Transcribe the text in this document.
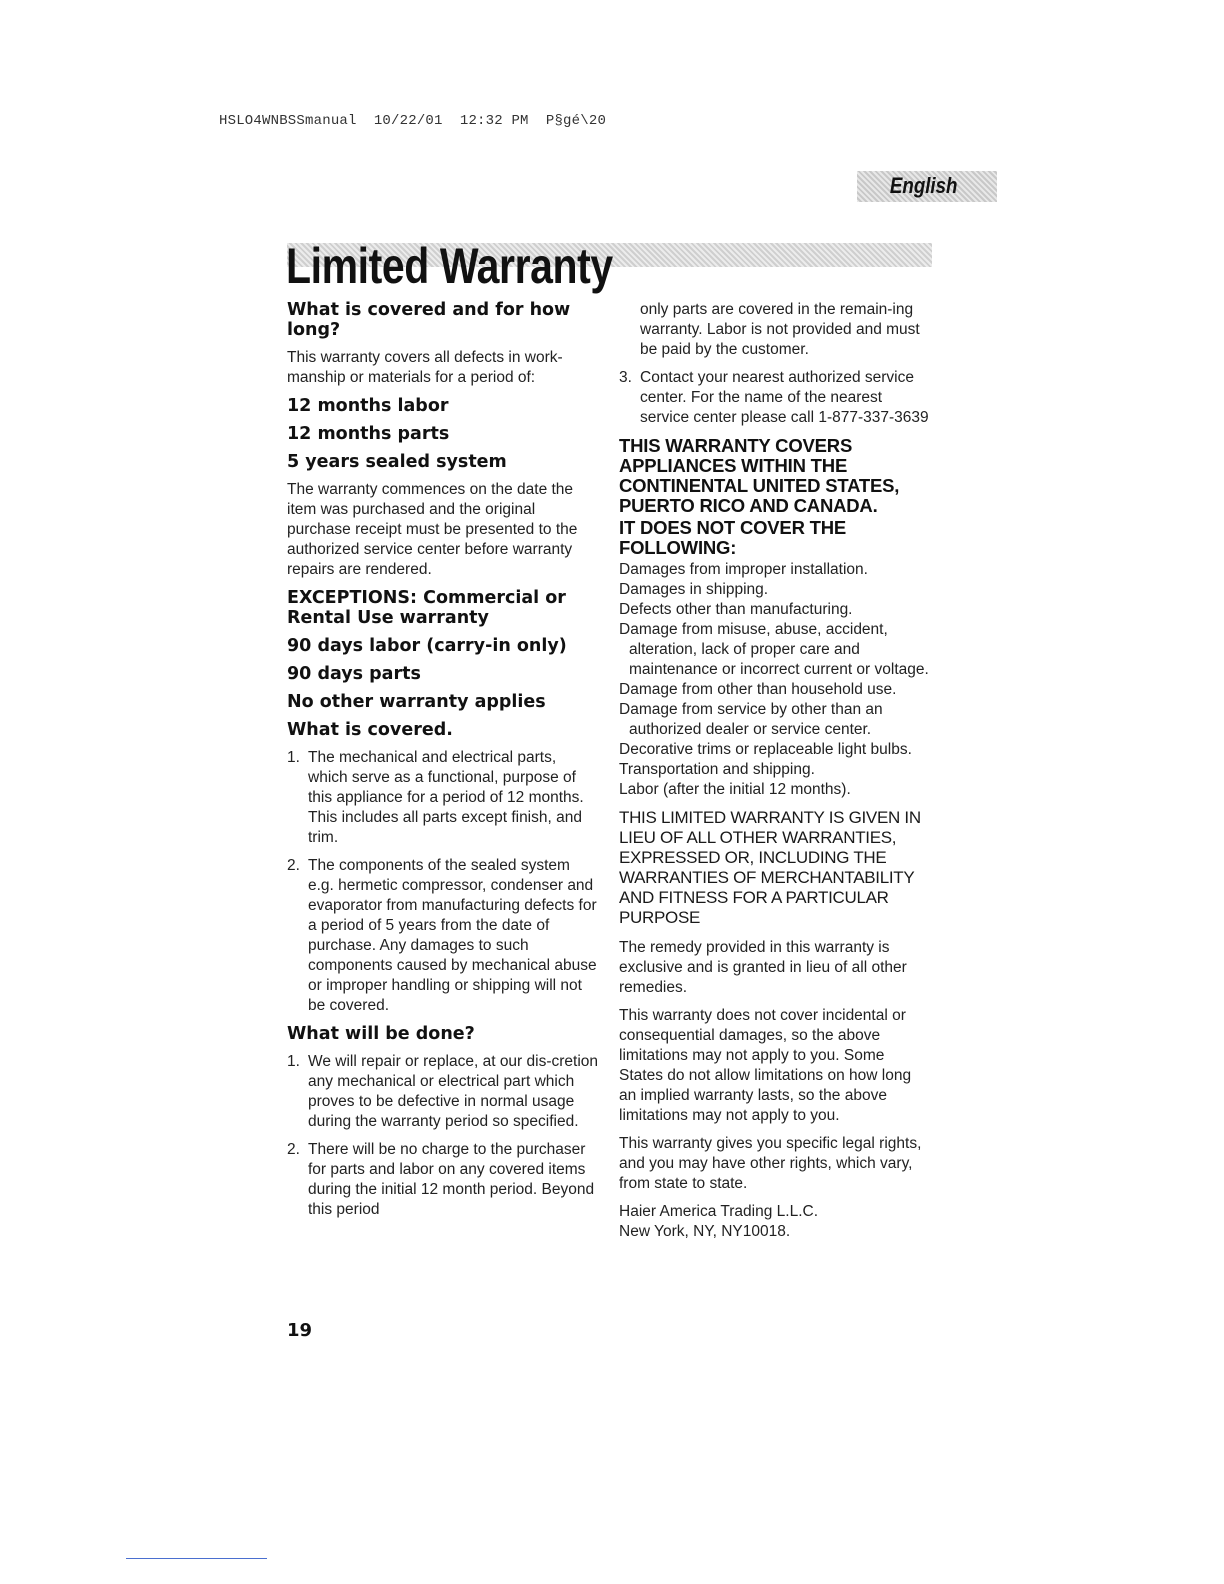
HSLO4WNBSSmanual  10/22/01  12:32 PM  P§gé\20
English
Limited Warranty
What is covered and for how long?

This warranty covers all defects in work-manship or materials for a period of:

12 months labor
12 months parts
5 years sealed system

The warranty commences on the date the item was purchased and the original purchase receipt must be presented to the authorized service center before warranty repairs are rendered.

EXCEPTIONS: Commercial or Rental Use warranty
90 days labor (carry-in only)
90 days parts
No other warranty applies
What is covered.
1. The mechanical and electrical parts, which serve as a functional, purpose of this appliance for a period of 12 months. This includes all parts except finish, and trim.
2. The components of the sealed system e.g. hermetic compressor, condenser and evaporator from manufacturing defects for a period of 5 years from the date of purchase. Any damages to such components caused by mechanical abuse or improper handling or shipping will not be covered.
What will be done?
1. We will repair or replace, at our dis-cretion any mechanical or electrical part which proves to be defective in normal usage during the warranty period so specified.
2. There will be no charge to the purchaser for parts and labor on any covered items during the initial 12 month period. Beyond this period
only parts are covered in the remain-ing warranty. Labor is not provided and must be paid by the customer.
3. Contact your nearest authorized service center. For the name of the nearest service center please call 1-877-337-3639
THIS WARRANTY COVERS APPLIANCES WITHIN THE CONTINENTAL UNITED STATES, PUERTO RICO AND CANADA.
IT DOES NOT COVER THE FOLLOWING:
Damages from improper installation.
Damages in shipping.
Defects other than manufacturing.
Damage from misuse, abuse, accident, alteration, lack of proper care and maintenance or incorrect current or voltage.
Damage from other than household use.
Damage from service by other than an authorized dealer or service center.
Decorative trims or replaceable light bulbs.
Transportation and shipping.
Labor (after the initial 12 months).

THIS LIMITED WARRANTY IS GIVEN IN LIEU OF ALL OTHER WARRANTIES, EXPRESSED OR, INCLUDING THE WARRANTIES OF MERCHANTABILITY AND FITNESS FOR A PARTICULAR PURPOSE

The remedy provided in this warranty is exclusive and is granted in lieu of all other remedies.

This warranty does not cover incidental or consequential damages, so the above limitations may not apply to you. Some States do not allow limitations on how long an implied warranty lasts, so the above limitations may not apply to you.

This warranty gives you specific legal rights, and you may have other rights, which vary, from state to state.

Haier America Trading L.L.C.

New York, NY, NY10018.

19
